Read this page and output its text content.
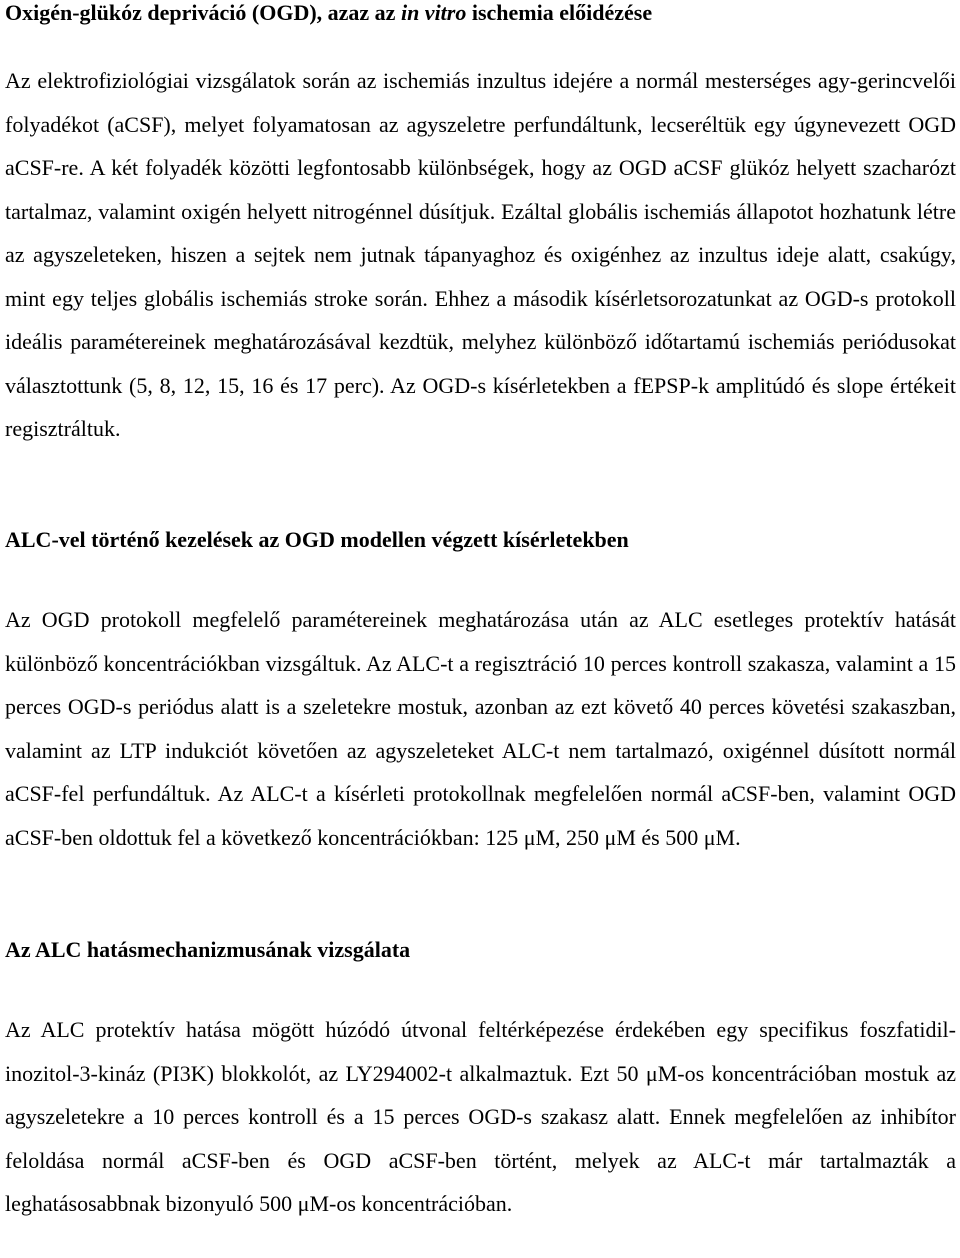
Oxigén-glükóz depriváció (OGD), azaz az in vitro ischemia előidézése

Az elektrofiziológiai vizsgálatok során az ischemiás inzultus idejére a normál mesterséges agy-gerincvelői folyadékot (aCSF), melyet folyamatosan az agyszeletre perfundáltunk, lecseréltük egy úgynevezett OGD aCSF-re. A két folyadék közötti legfontosabb különbségek, hogy az OGD aCSF glükóz helyett szacharózt tartalmaz, valamint oxigén helyett nitrogénnel dúsítjuk. Ezáltal globális ischemiás állapotot hozhatunk létre az agyszeleteken, hiszen a sejtek nem jutnak tápanyaghoz és oxigénhez az inzultus ideje alatt, csakúgy, mint egy teljes globális ischemiás stroke során. Ehhez a második kísérletsorozatunkat az OGD-s protokoll ideális paramétereinek meghatározásával kezdtük, melyhez különböző időtartamú ischemiás periódusokat választottunk (5, 8, 12, 15, 16 és 17 perc). Az OGD-s kísérletekben a fEPSP-k amplitúdó és slope értékeit regisztráltuk.

ALC-vel történő kezelések az OGD modellen végzett kísérletekben

Az OGD protokoll megfelelő paramétereinek meghatározása után az ALC esetleges protektív hatását különböző koncentrációkban vizsgáltuk. Az ALC-t a regisztráció 10 perces kontroll szakasza, valamint a 15 perces OGD-s periódus alatt is a szeletekre mostuk, azonban az ezt követő 40 perces követési szakaszban, valamint az LTP indukciót követően az agyszeleteket ALC-t nem tartalmazó, oxigénnel dúsított normál aCSF-fel perfundáltuk. Az ALC-t a kísérleti protokollnak megfelelően normál aCSF-ben, valamint OGD aCSF-ben oldottuk fel a következő koncentrációkban: 125 μM, 250 μM és 500 μM.

Az ALC hatásmechanizmusának vizsgálata

Az ALC protektív hatása mögött húzódó útvonal feltérképezése érdekében egy specifikus foszfatidil-inozitol-3-kináz (PI3K) blokkolót, az LY294002-t alkalmaztuk. Ezt 50 μM-os koncentrációban mostuk az agyszeletekre a 10 perces kontroll és a 15 perces OGD-s szakasz alatt. Ennek megfelelően az inhibítor feloldása normál aCSF-ben és OGD aCSF-ben történt, melyek az ALC-t már tartalmazták a leghatásosabbnak bizonyuló 500 μM-os koncentrációban.
